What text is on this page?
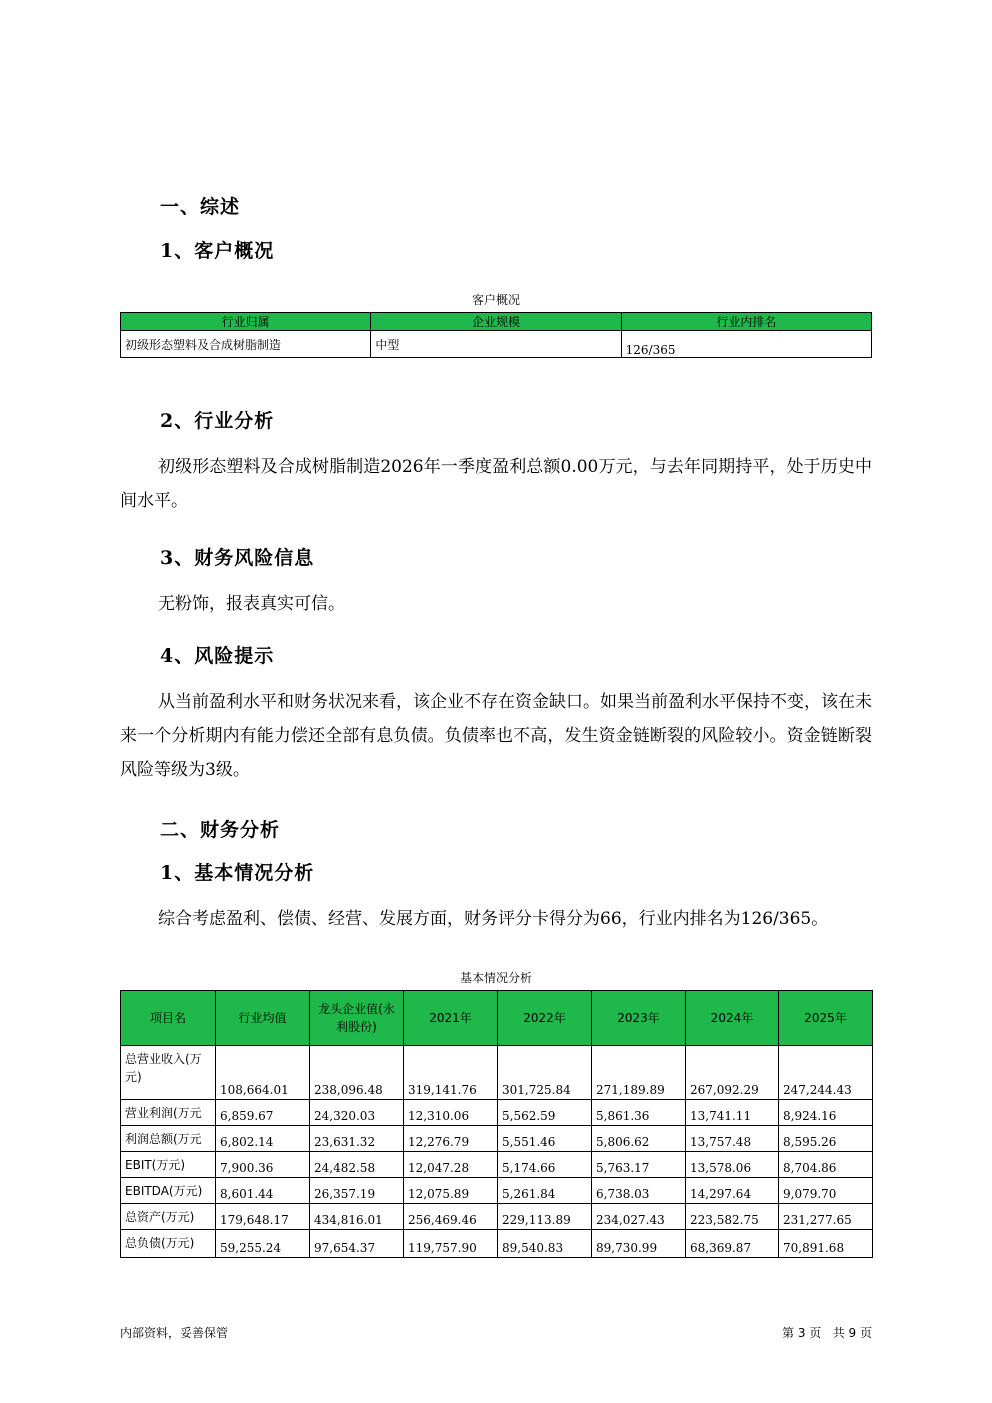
一、综述
1、客户概况
客户概况
行业归属	企业规模	行业内排名
初级形态塑料及合成树脂制造	中型	126/365
2、行业分析
初级形态塑料及合成树脂制造2026年一季度盈利总额0.00万元，与去年同期持平，处于历史中间水平。
3、财务风险信息
无粉饰，报表真实可信。
4、风险提示
从当前盈利水平和财务状况来看，该企业不存在资金缺口。如果当前盈利水平保持不变，该在未来一个分析期内有能力偿还全部有息负债。负债率也不高，发生资金链断裂的风险较小。资金链断裂风险等级为3级。
二、财务分析
1、基本情况分析
综合考虑盈利、偿债、经营、发展方面，财务评分卡得分为66，行业内排名为126/365。
基本情况分析
项目名	行业均值	龙头企业值(永利股份)	2021年	2022年	2023年	2024年	2025年
总营业收入(万元)	108,664.01	238,096.48	319,141.76	301,725.84	271,189.89	267,092.29	247,244.43
营业利润(万元	6,859.67	24,320.03	12,310.06	5,562.59	5,861.36	13,741.11	8,924.16
利润总额(万元	6,802.14	23,631.32	12,276.79	5,551.46	5,806.62	13,757.48	8,595.26
EBIT(万元)	7,900.36	24,482.58	12,047.28	5,174.66	5,763.17	13,578.06	8,704.86
EBITDA(万元)	8,601.44	26,357.19	12,075.89	5,261.84	6,738.03	14,297.64	9,079.70
总资产(万元)	179,648.17	434,816.01	256,469.46	229,113.89	234,027.43	223,582.75	231,277.65
总负债(万元)	59,255.24	97,654.37	119,757.90	89,540.83	89,730.99	68,369.87	70,891.68
内部资料，妥善保管	第 3 页   共 9 页
